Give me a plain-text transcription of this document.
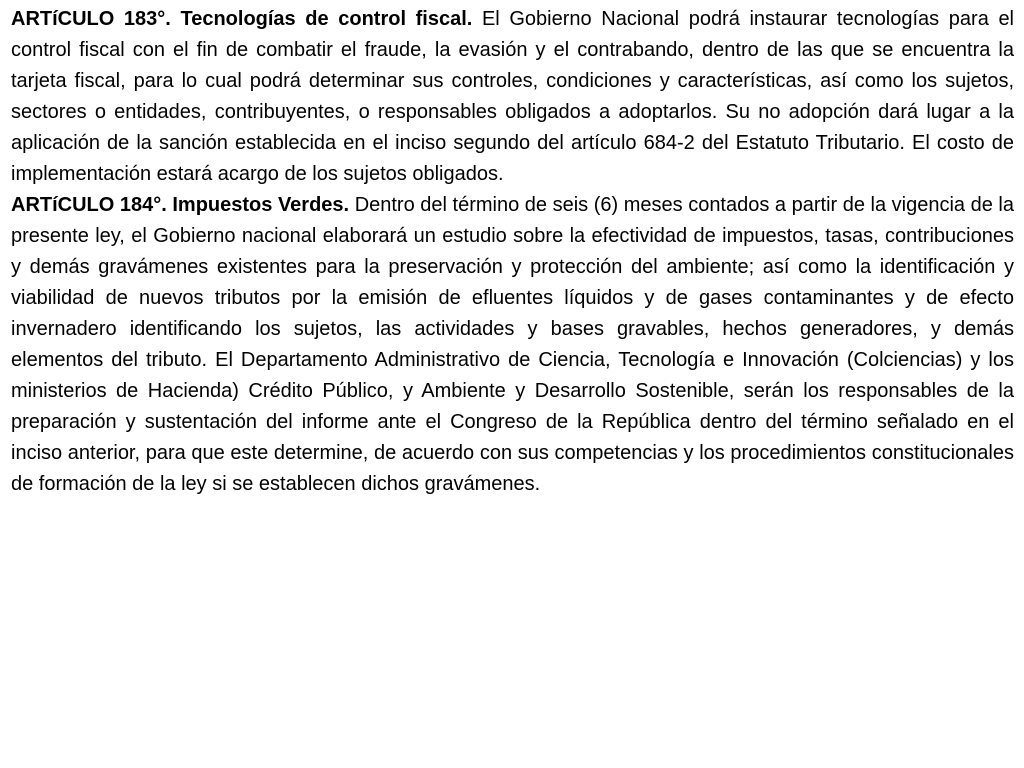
ARTíCULO 183°. Tecnologías de control fiscal. El Gobierno Nacional podrá instaurar tecnologías para el control fiscal con el fin de combatir el fraude, la evasión y el contrabando, dentro de las que se encuentra la tarjeta fiscal, para lo cual podrá determinar sus controles, condiciones y características, así como los sujetos, sectores o entidades, contribuyentes, o responsables obligados a adoptarlos. Su no adopción dará lugar a la aplicación de la sanción establecida en el inciso segundo del artículo 684-2 del Estatuto Tributario. El costo de implementación estará acargo de los sujetos obligados.

ARTíCULO 184°. Impuestos Verdes. Dentro del término de seis (6) meses contados a partir de la vigencia de la presente ley, el Gobierno nacional elaborará un estudio sobre la efectividad de impuestos, tasas, contribuciones y demás gravámenes existentes para la preservación y protección del ambiente; así como la identificación y viabilidad de nuevos tributos por la emisión de efluentes líquidos y de gases contaminantes y de efecto invernadero identificando los sujetos, las actividades y bases gravables, hechos generadores, y demás elementos del tributo. El Departamento Administrativo de Ciencia, Tecnología e Innovación (Colciencias) y los ministerios de Hacienda) Crédito Público, y Ambiente y Desarrollo Sostenible, serán los responsables de la preparación y sustentación del informe ante el Congreso de la República dentro del término señalado en el inciso anterior, para que este determine, de acuerdo con sus competencias y los procedimientos constitucionales de formación de la ley si se establecen dichos gravámenes.
